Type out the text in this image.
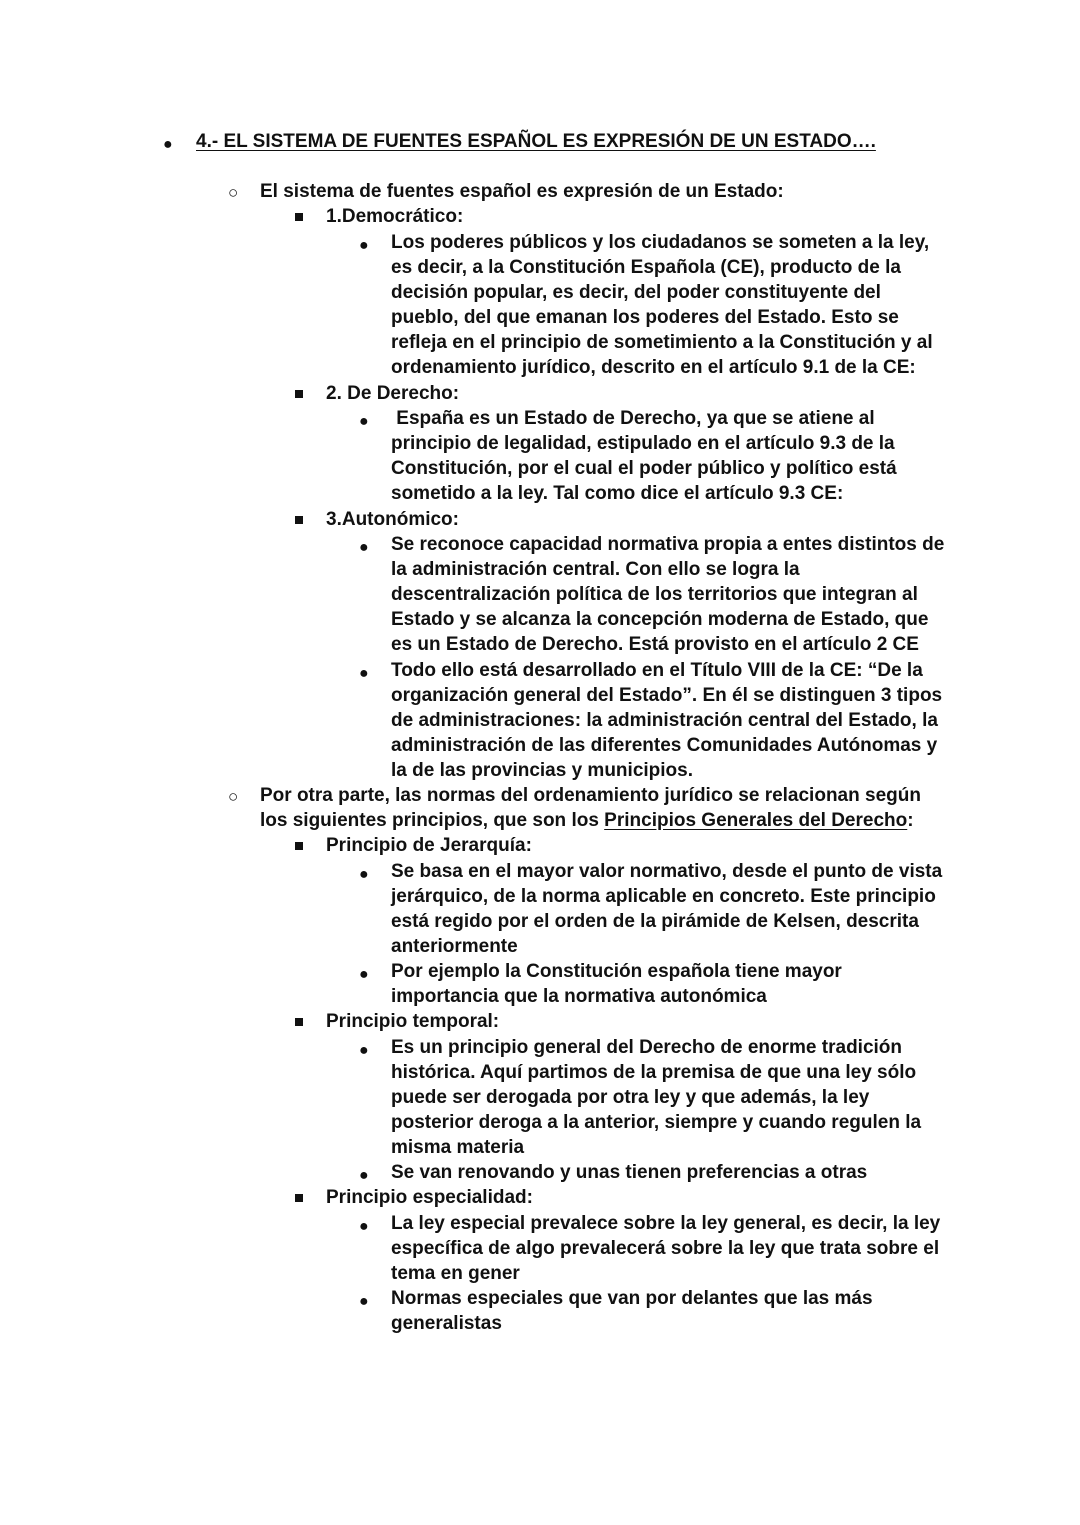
● 4.- EL SISTEMA DE FUENTES ESPAÑOL ES EXPRESIÓN DE UN ESTADO….
○ El sistema de fuentes español es expresión de un Estado:
1.Democrático:
● Los poderes públicos y los ciudadanos se someten a la ley,
es decir, a la Constitución Española (CE), producto de la
decisión popular, es decir, del poder constituyente del
pueblo, del que emanan los poderes del Estado. Esto se
refleja en el principio de sometimiento a la Constitución y al
ordenamiento jurídico, descrito en el artículo 9.1 de la CE:
2. De Derecho:
● España es un Estado de Derecho, ya que se atiene al
principio de legalidad, estipulado en el artículo 9.3 de la
Constitución, por el cual el poder público y político está
sometido a la ley. Tal como dice el artículo 9.3 CE:
3.Autonómico:
● Se reconoce capacidad normativa propia a entes distintos de
la administración central. Con ello se logra la
descentralización política de los territorios que integran al
Estado y se alcanza la concepción moderna de Estado, que
es un Estado de Derecho. Está provisto en el artículo 2 CE
● Todo ello está desarrollado en el Título VIII de la CE: “De la
organización general del Estado”. En él se distinguen 3 tipos
de administraciones: la administración central del Estado, la
administración de las diferentes Comunidades Autónomas y
la de las provincias y municipios.
○ Por otra parte, las normas del ordenamiento jurídico se relacionan según
los siguientes principios, que son los Principios Generales del Derecho:
Principio de Jerarquía:
● Se basa en el mayor valor normativo, desde el punto de vista
jerárquico, de la norma aplicable en concreto. Este principio
está regido por el orden de la pirámide de Kelsen, descrita
anteriormente
● Por ejemplo la Constitución española tiene mayor
importancia que la normativa autonómica
Principio temporal:
● Es un principio general del Derecho de enorme tradición
histórica. Aquí partimos de la premisa de que una ley sólo
puede ser derogada por otra ley y que además, la ley
posterior deroga a la anterior, siempre y cuando regulen la
misma materia
● Se van renovando y unas tienen preferencias a otras
Principio especialidad:
● La ley especial prevalece sobre la ley general, es decir, la ley
específica de algo prevalecerá sobre la ley que trata sobre el
tema en gener
● Normas especiales que van por delantes que las más
generalistas
